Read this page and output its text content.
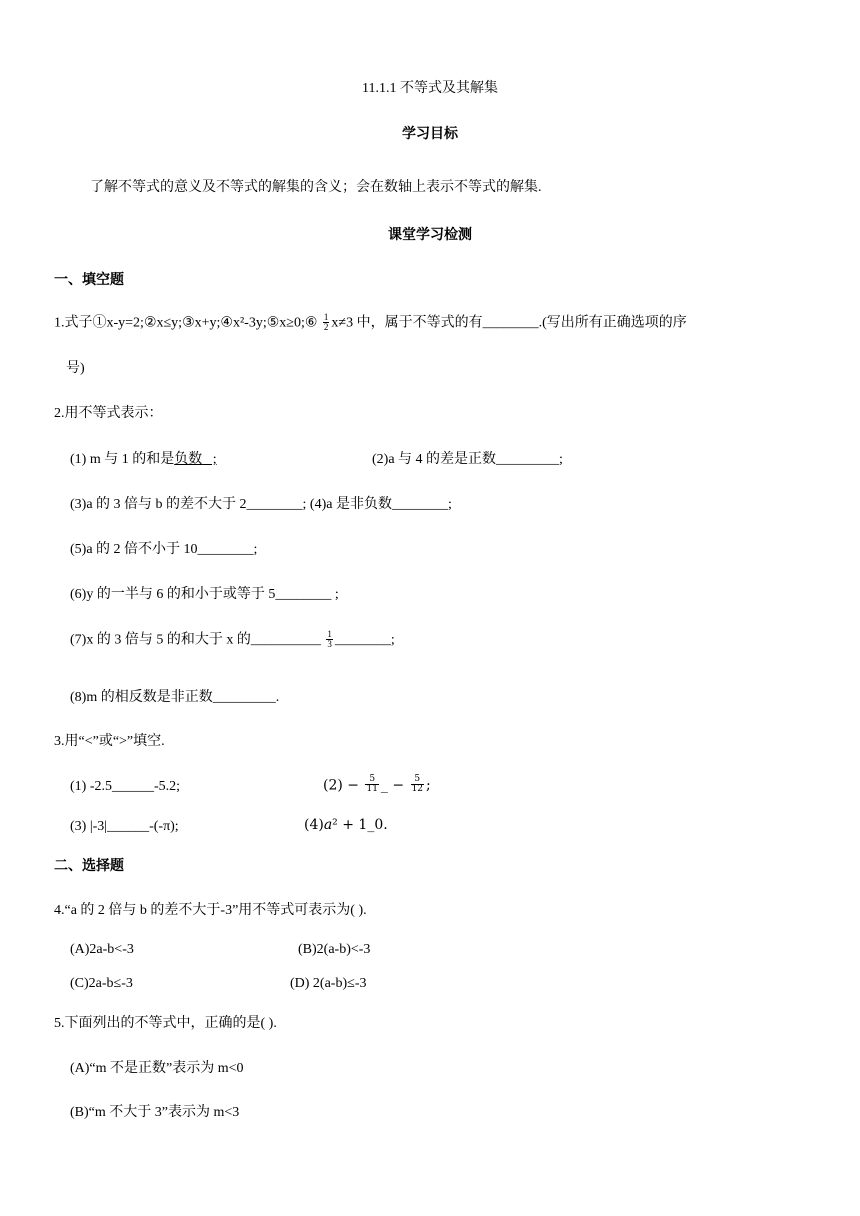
11.1.1 不等式及其解集
学习目标
了解不等式的意义及不等式的解集的含义；会在数轴上表示不等式的解集.
课堂学习检测
一、填空题
1.式子①x-y=2;②x≤y;③x+y;④x²-3y;⑤x≥0;⑥ $\frac{1}{2} x\ne 3$ 中，属于不等式的有________.(写出所有正确选项的序
号)
2.用不等式表示：
(1) m 与 1 的和是负数   ;	(2)a 与 4 的差是正数_________;
(3)a 的 3 倍与 b 的差不大于 2________; (4)a 是非负数________;
(5)a 的 2 倍不小于 10________;
(6)y 的一半与 6 的和小于或等于 5________ ;
(7)x 的 3 倍与 5 的和大于 x 的__________ $\frac{1}{3}$ ________;
(8)m 的相反数是非正数_________.
3.用“<”或“>”填空.
(1) -2.5______-5.2;	$(2) - \frac{5}{11}$ _ − $\frac{5}{12}$ ;
(3) |-3|______-(-π);	(4)𝑎² + 1_0.
二、选择题
4.“a 的 2 倍与 b 的差不大于-3”用不等式可表示为( ).
(A)2a-b<-3	(B)2(a-b)<-3
(C)2a-b≤-3	(D) 2(a-b)≤-3
5.下面列出的不等式中，正确的是( ).
(A)“m 不是正数”表示为 m<0
(B)“m 不大于 3”表示为 m<3
